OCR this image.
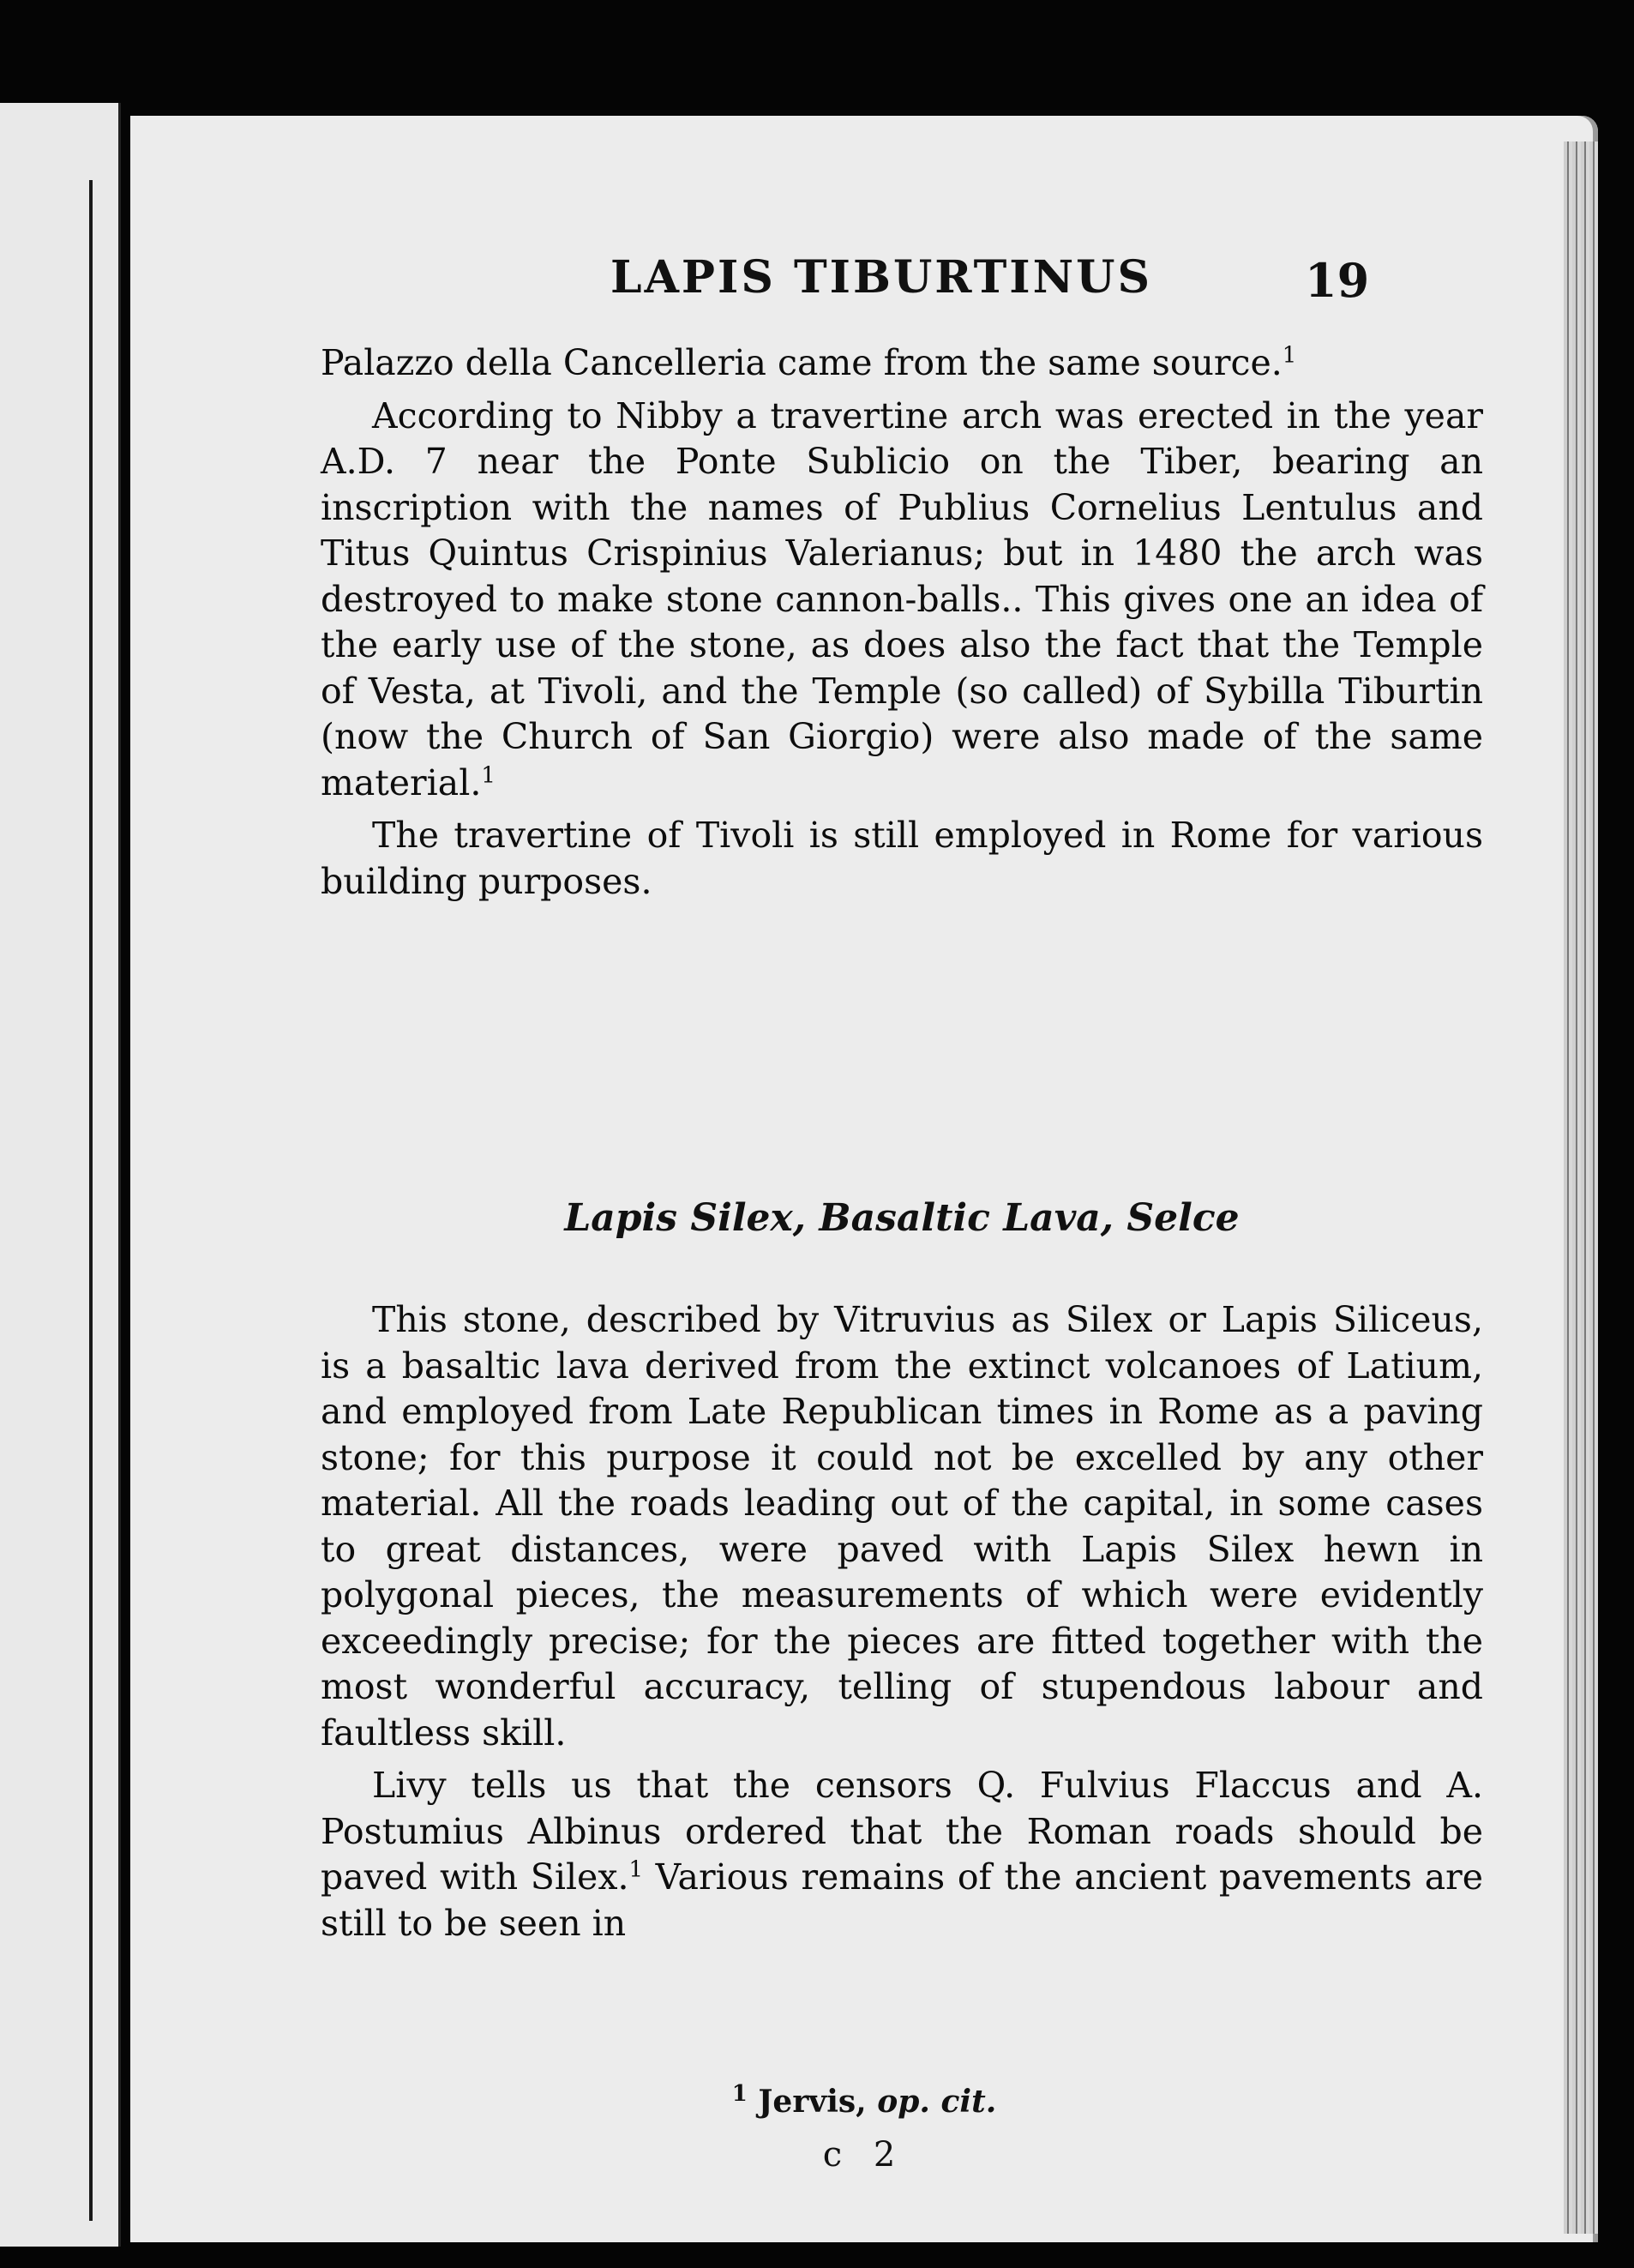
LAPIS TIBURTINUS	19

Palazzo della Cancelleria came from the same source.$^1$

According to Nibby a travertine arch was erected in the year A.D. 7 near the Ponte Sublicio on the Tiber, bearing an inscription with the names of Publius Cornelius Lentulus and Titus Quintus Crispinius Valerianus; but in 1480 the arch was destroyed to make stone cannon-balls.. This gives one an idea of the early use of the stone, as does also the fact that the Temple of Vesta, at Tivoli, and the Temple (so called) of Sybilla Tiburtin (now the Church of San Giorgio) were also made of the same material.$^1$

The travertine of Tivoli is still employed in Rome for various building purposes.

Lapis Silex, Basaltic Lava, Selce

This stone, described by Vitruvius as Silex or Lapis Siliceus, is a basaltic lava derived from the extinct volcanoes of Latium, and employed from Late Republican times in Rome as a paving stone; for this purpose it could not be excelled by any other material. All the roads leading out of the capital, in some cases to great distances, were paved with Lapis Silex hewn in polygonal pieces, the measurements of which were evidently exceedingly precise; for the pieces are fitted together with the most wonderful accuracy, telling of stupendous labour and faultless skill.

Livy tells us that the censors Q. Fulvius Flaccus and A. Postumius Albinus ordered that the Roman roads should be paved with Silex.$^1$ Various remains of the ancient pavements are still to be seen in

$^1$ Jervis, op. cit.
c 2
